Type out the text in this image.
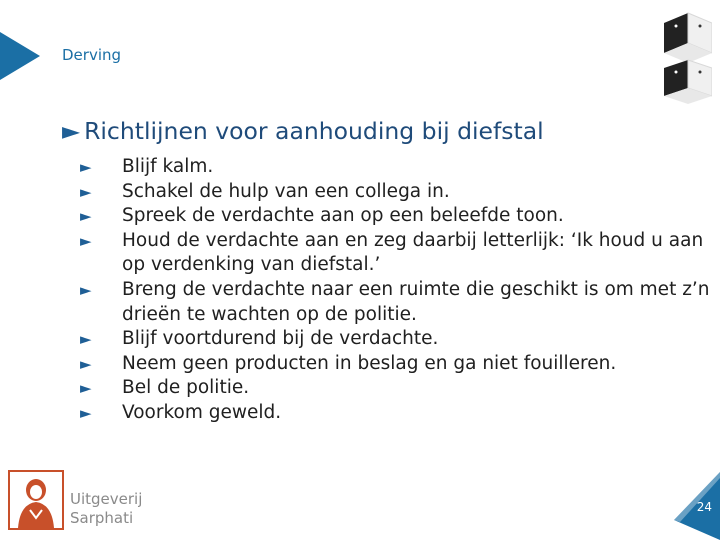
Derving
► Richtlijnen voor aanhouding bij diefstal
►	Blijf kalm.
►	Schakel de hulp van een collega in.
►	Spreek de verdachte aan op een beleefde toon.
►	Houd de verdachte aan en zeg daarbij letterlijk: ‘Ik houd u aan op verdenking van diefstal.’
►	Breng de verdachte naar een ruimte die geschikt is om met z’n drieën te wachten op de politie.
►	Blijf voortdurend bij de verdachte.
►	Neem geen producten in beslag en ga niet fouilleren.
►	Bel de politie.
►	Voorkom geweld.
Uitgeverij
Sarphati
24
